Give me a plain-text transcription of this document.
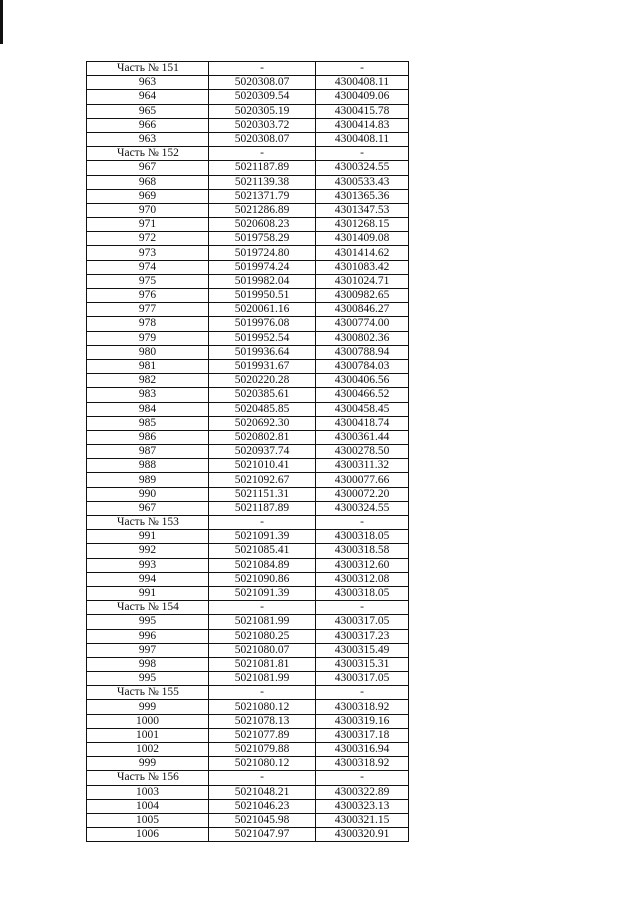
Часть № 151	-	-
963	5020308.07	4300408.11
964	5020309.54	4300409.06
965	5020305.19	4300415.78
966	5020303.72	4300414.83
963	5020308.07	4300408.11
Часть № 152	-	-
967	5021187.89	4300324.55
968	5021139.38	4300533.43
969	5021371.79	4301365.36
970	5021286.89	4301347.53
971	5020608.23	4301268.15
972	5019758.29	4301409.08
973	5019724.80	4301414.62
974	5019974.24	4301083.42
975	5019982.04	4301024.71
976	5019950.51	4300982.65
977	5020061.16	4300846.27
978	5019976.08	4300774.00
979	5019952.54	4300802.36
980	5019936.64	4300788.94
981	5019931.67	4300784.03
982	5020220.28	4300406.56
983	5020385.61	4300466.52
984	5020485.85	4300458.45
985	5020692.30	4300418.74
986	5020802.81	4300361.44
987	5020937.74	4300278.50
988	5021010.41	4300311.32
989	5021092.67	4300077.66
990	5021151.31	4300072.20
967	5021187.89	4300324.55
Часть № 153	-	-
991	5021091.39	4300318.05
992	5021085.41	4300318.58
993	5021084.89	4300312.60
994	5021090.86	4300312.08
991	5021091.39	4300318.05
Часть № 154	-	-
995	5021081.99	4300317.05
996	5021080.25	4300317.23
997	5021080.07	4300315.49
998	5021081.81	4300315.31
995	5021081.99	4300317.05
Часть № 155	-	-
999	5021080.12	4300318.92
1000	5021078.13	4300319.16
1001	5021077.89	4300317.18
1002	5021079.88	4300316.94
999	5021080.12	4300318.92
Часть № 156	-	-
1003	5021048.21	4300322.89
1004	5021046.23	4300323.13
1005	5021045.98	4300321.15
1006	5021047.97	4300320.91
